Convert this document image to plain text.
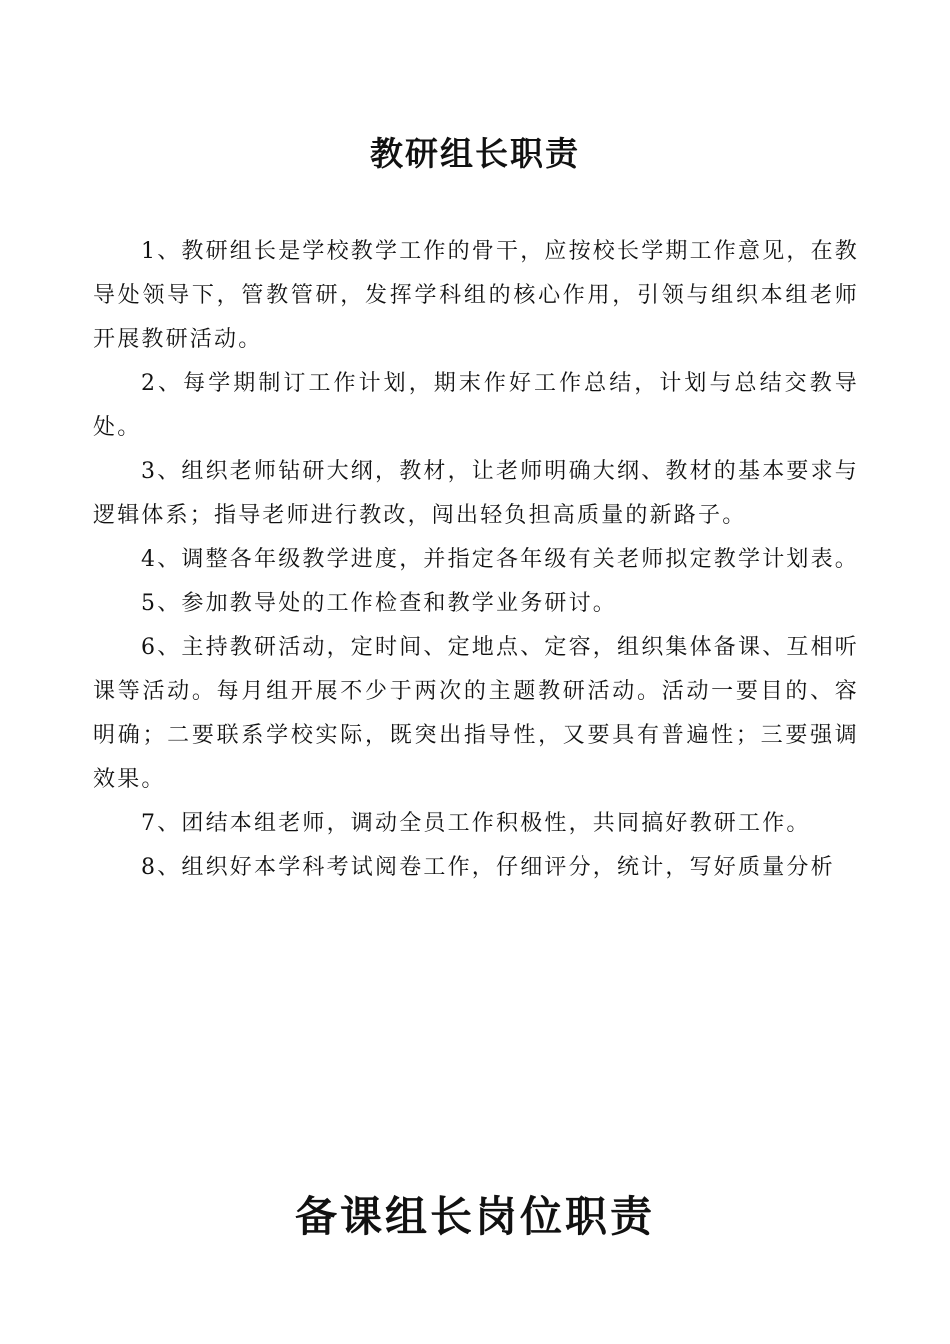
教研组长职责

1、教研组长是学校教学工作的骨干，应按校长学期工作意见，在教导处领导下，管教管研，发挥学科组的核心作用，引领与组织本组老师开展教研活动。

2、每学期制订工作计划，期末作好工作总结，计划与总结交教导处。

3、组织老师钻研大纲，教材，让老师明确大纲、教材的基本要求与逻辑体系；指导老师进行教改，闯出轻负担高质量的新路子。

4、调整各年级教学进度，并指定各年级有关老师拟定教学计划表。

5、参加教导处的工作检查和教学业务研讨。

6、主持教研活动，定时间、定地点、定容，组织集体备课、互相听课等活动。每月组开展不少于两次的主题教研活动。活动一要目的、容明确；二要联系学校实际，既突出指导性，又要具有普遍性；三要强调效果。

7、团结本组老师，调动全员工作积极性，共同搞好教研工作。

8、组织好本学科考试阅卷工作，仔细评分，统计，写好质量分析

备课组长岗位职责
